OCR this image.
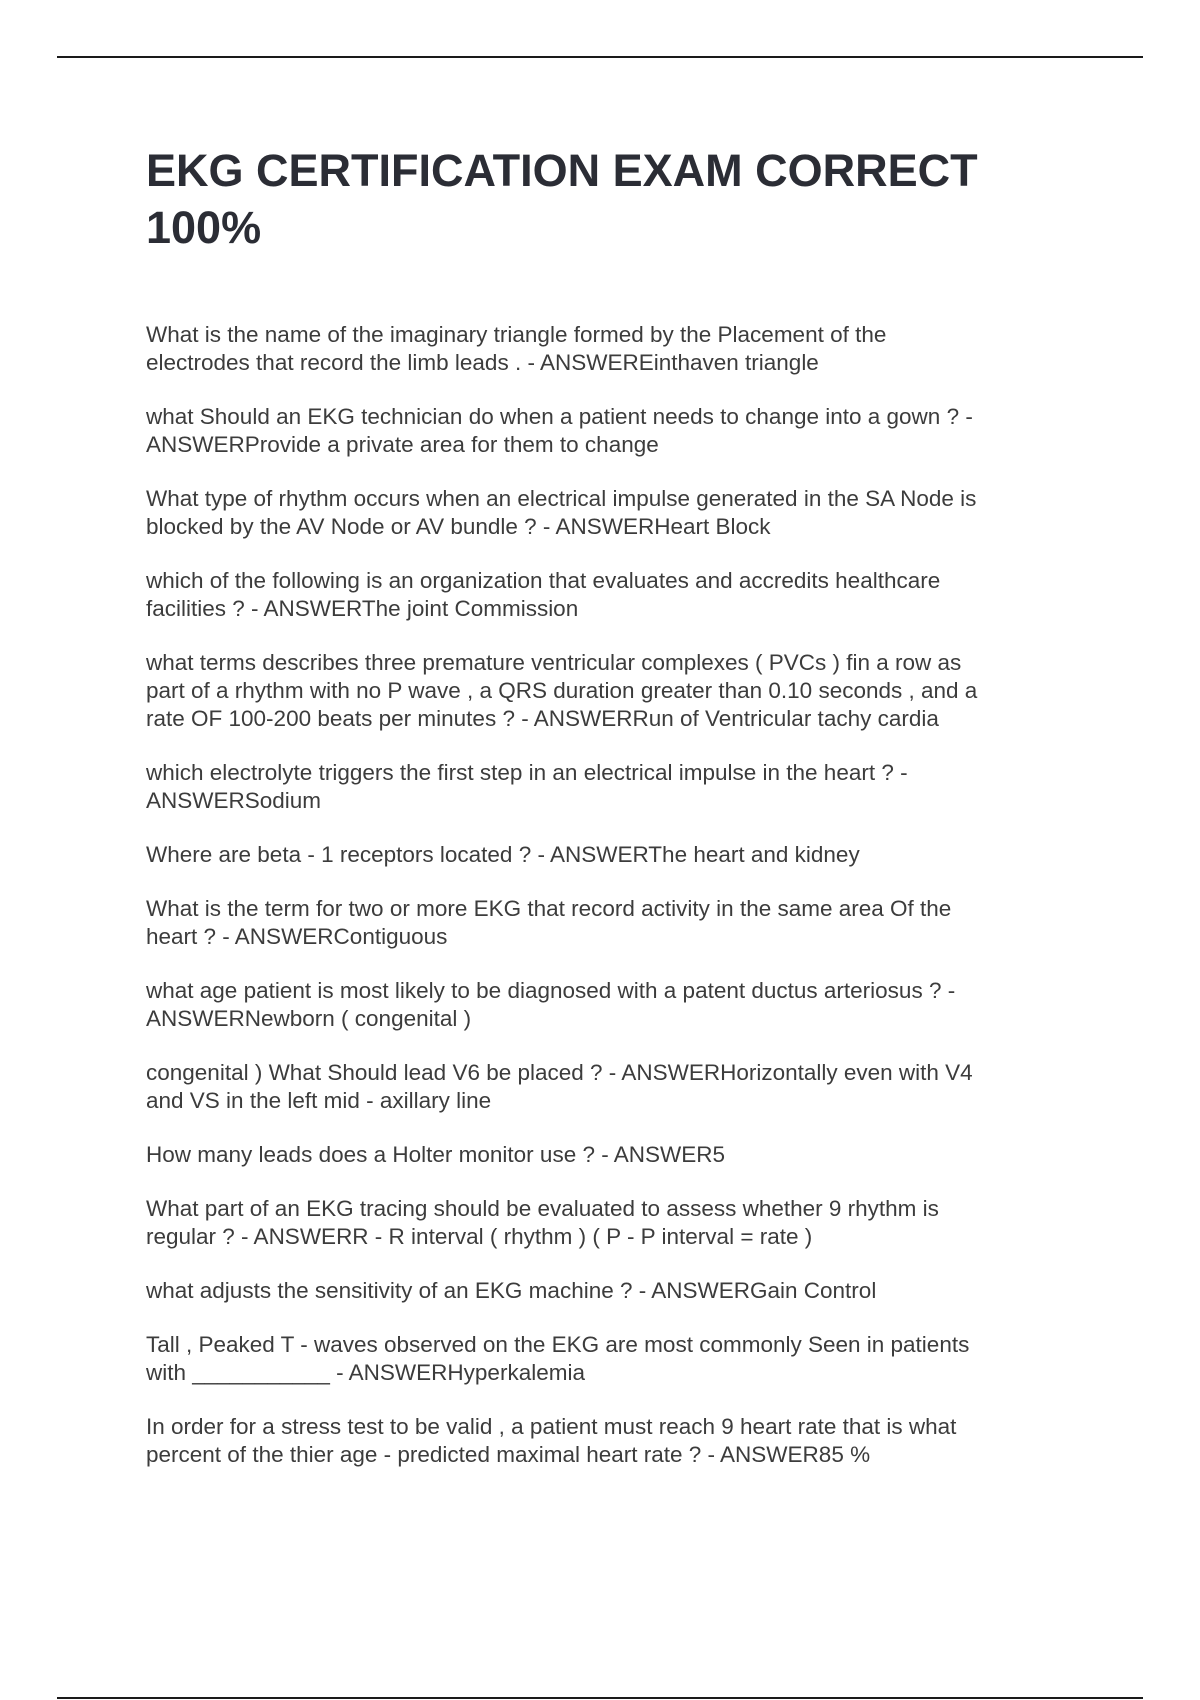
EKG CERTIFICATION EXAM CORRECT 100%

What is the name of the imaginary triangle formed by the Placement of the
electrodes that record the limb leads . - ANSWEREinthaven triangle

what Should an EKG technician do when a patient needs to change into a gown ? -
ANSWERProvide a private area for them to change

What type of rhythm occurs when an electrical impulse generated in the SA Node is
blocked by the AV Node or AV bundle ? - ANSWERHeart Block

which of the following is an organization that evaluates and accredits healthcare
facilities ? - ANSWERThe joint Commission

what terms describes three premature ventricular complexes ( PVCs ) fin a row as
part of a rhythm with no P wave , a QRS duration greater than 0.10 seconds , and a
rate OF 100-200 beats per minutes ? - ANSWERRun of Ventricular tachy cardia

which electrolyte triggers the first step in an electrical impulse in the heart ? -
ANSWERSodium

Where are beta - 1 receptors located ? - ANSWERThe heart and kidney

What is the term for two or more EKG that record activity in the same area Of the
heart ? - ANSWERContiguous

what age patient is most likely to be diagnosed with a patent ductus arteriosus ? -
ANSWERNewborn ( congenital )

congenital ) What Should lead V6 be placed ? - ANSWERHorizontally even with V4
and VS in the left mid - axillary line

How many leads does a Holter monitor use ? - ANSWER5

What part of an EKG tracing should be evaluated to assess whether 9 rhythm is
regular ? - ANSWERR - R interval ( rhythm ) ( P - P interval = rate )

what adjusts the sensitivity of an EKG machine ? - ANSWERGain Control

Tall , Peaked T - waves observed on the EKG are most commonly Seen in patients
with ___________ - ANSWERHyperkalemia

In order for a stress test to be valid , a patient must reach 9 heart rate that is what
percent of the thier age - predicted maximal heart rate ? - ANSWER85 %
